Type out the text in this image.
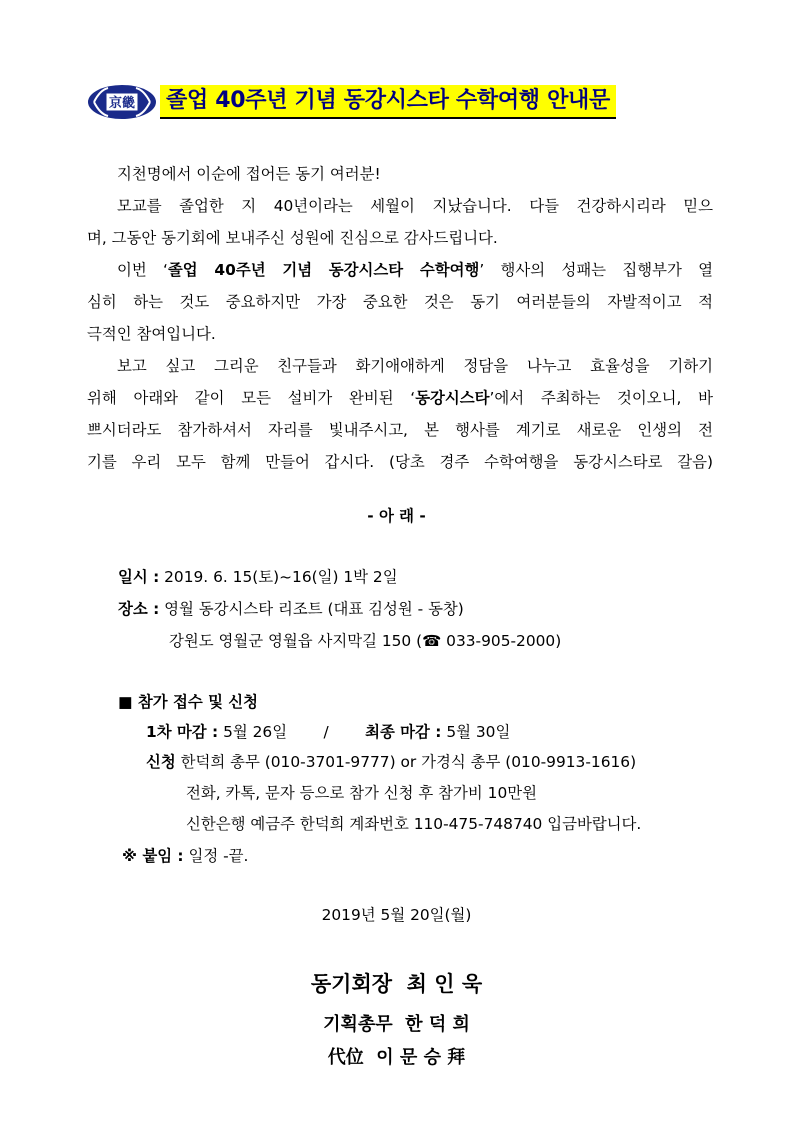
京畿 졸업 40주년 기념 동강시스타 수학여행 안내문

지천명에서 이순에 접어든 동기 여러분!

모교를 졸업한 지 40년이라는 세월이 지났습니다. 다들 건강하시리라 믿으

며, 그동안 동기회에 보내주신 성원에 진심으로 감사드립니다.

이번 ‘졸업 40주년 기념 동강시스타 수학여행’ 행사의 성패는 집행부가 열

심히 하는 것도 중요하지만 가장 중요한 것은 동기 여러분들의 자발적이고 적

극적인 참여입니다.

보고 싶고 그리운 친구들과 화기애애하게 정담을 나누고 효율성을 기하기

위해 아래와 같이 모든 설비가 완비된 ‘동강시스타’에서 주최하는 것이오니, 바

쁘시더라도 참가하셔서 자리를 빛내주시고, 본 행사를 계기로 새로운 인생의 전

기를 우리 모두 함께 만들어 갑시다. (당초 경주 수학여행을 동강시스타로 갈음)

- 아 래 -
일시 : 2019. 6. 15(토)~16(일) 1박 2일
장소 : 영월 동강시스타 리조트 (대표 김성원 - 동창)
강원도 영월군 영월읍 사지막길 150 (☎ 033-905-2000)
■ 참가 접수 및 신청
1차 마감 : 5월 26일 / 최종 마감 : 5월 30일
신청 한덕희 총무 (010-3701-9777) or 가경식 총무 (010-9913-1616)
전화, 카톡, 문자 등으로 참가 신청 후 참가비 10만원
신한은행 예금주 한덕희 계좌번호 110-475-748740 입금바랍니다.
※ 붙임 : 일정 -끝.
2019년 5월 20일(월)
동기회장  최 인 욱
기획총무  한 덕 희
代位  이 문 승 拜
